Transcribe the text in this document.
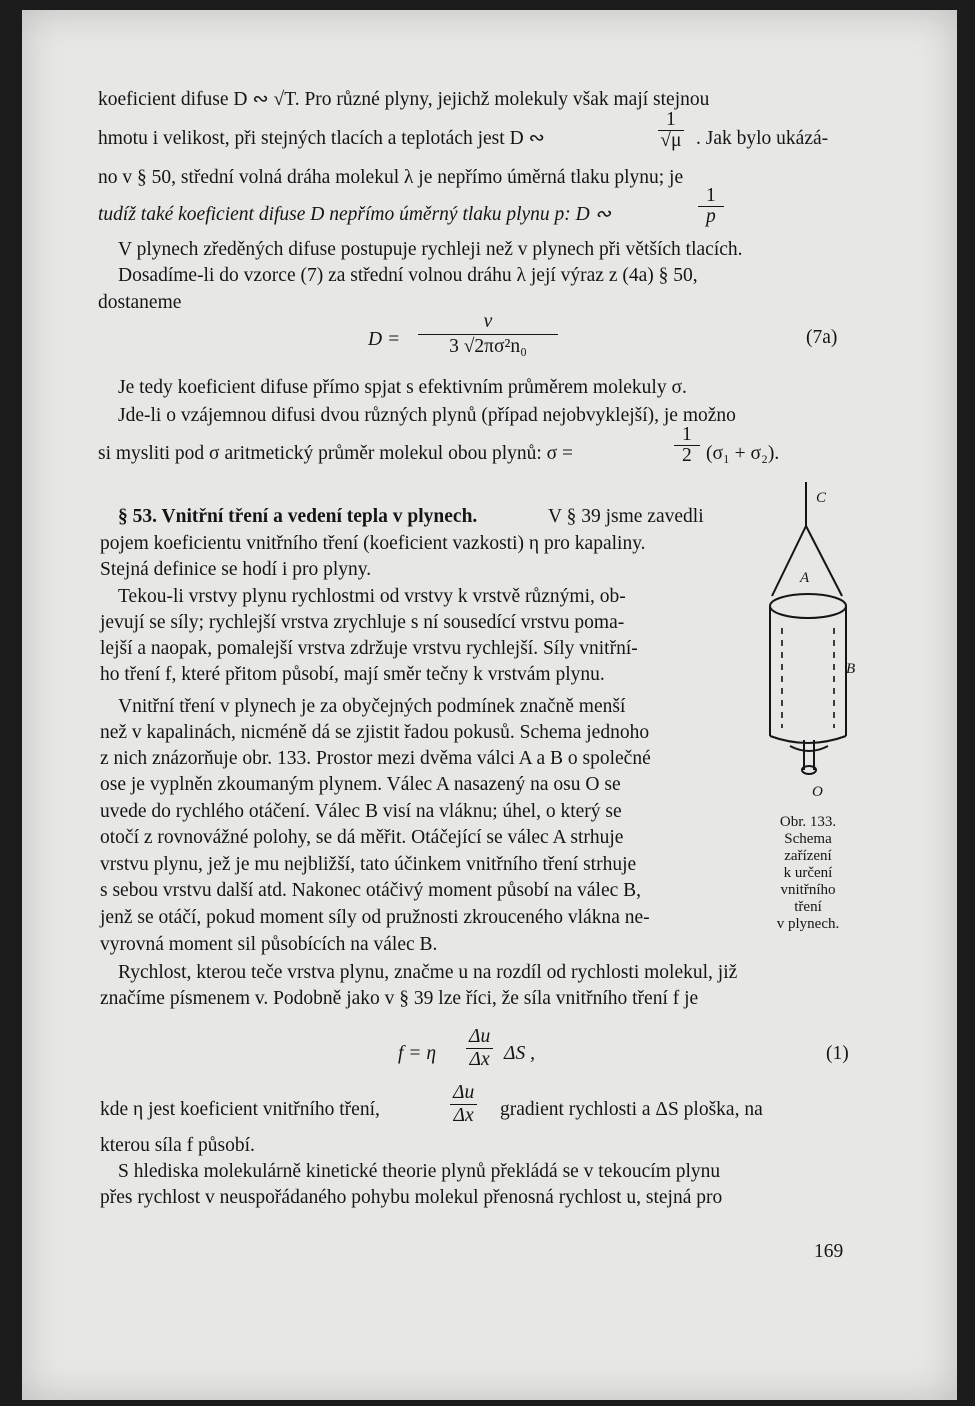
koeficient difuse D ∾ √T. Pro různé plyny, jejichž molekuly však mají stejnou
hmotu i velikost, při stejných tlacích a teplotách jest D ∾
1
√μ . Jak bylo ukázá-
no v § 50, střední volná dráha molekul λ je nepřímo úměrná tlaku plynu; je
tudíž také koeficient difuse D nepřímo úměrný tlaku plynu p: D ∾
1
p
V plynech zředěných difuse postupuje rychleji než v plynech při větších tlacích.
Dosadíme-li do vzorce (7) za střední volnou dráhu λ její výraz z (4a) § 50,
dostaneme
D =
v
3 √2πσ²n₀	(7a)
Je tedy koeficient difuse přímo spjat s efektivním průměrem molekuly σ.
Jde-li o vzájemnou difusi dvou různých plynů (případ nejobvyklejší), je možno
si mysliti pod σ aritmetický průměr molekul obou plynů: σ =
1
2 (σ₁ + σ₂).
§ 53. Vnitřní tření a vedení tepla v plynech.	V § 39 jsme zavedli
pojem koeficientu vnitřního tření (koeficient vazkosti) η pro kapaliny.
Stejná definice se hodí i pro plyny.
Tekou-li vrstvy plynu rychlostmi od vrstvy k vrstvě různými, ob-
jevují se síly; rychlejší vrstva zrychluje s ní sousedící vrstvu poma-
lejší a naopak, pomalejší vrstva zdržuje vrstvu rychlejší. Síly vnitřní-
ho tření f, které přitom působí, mají směr tečny k vrstvám plynu.
Vnitřní tření v plynech je za obyčejných podmínek značně menší
než v kapalinách, nicméně dá se zjistit řadou pokusů. Schema jednoho
z nich znázorňuje obr. 133. Prostor mezi dvěma válci A a B o společné
ose je vyplněn zkoumaným plynem. Válec A nasazený na osu O se
uvede do rychlého otáčení. Válec B visí na vláknu; úhel, o který se
otočí z rovnovážné polohy, se dá měřit. Otáčející se válec A strhuje
vrstvu plynu, jež je mu nejbližší, tato účinkem vnitřního tření strhuje
s sebou vrstvu další atd. Nakonec otáčivý moment působí na válec B,
jenž se otáčí, pokud moment síly od pružnosti zkrouceného vlákna ne-
vyrovná moment sil působících na válec B.
Rychlost, kterou teče vrstva plynu, značme u na rozdíl od rychlosti molekul, již
značíme písmenem v. Podobně jako v § 39 lze říci, že síla vnitřního tření f je
f = η
Δu
Δx ΔS ,	(1)
kde η jest koeficient vnitřního tření,
Δu
Δx gradient rychlosti a ΔS ploška, na
kterou síla f působí.
S hlediska molekulárně kinetické theorie plynů překládá se v tekoucím plynu
přes rychlost v neuspořádaného pohybu molekul přenosná rychlost u, stejná pro
C
A
B
O
Obr. 133.
Schema
zařízení
k určení
vnitřního
tření
v plynech.
169
